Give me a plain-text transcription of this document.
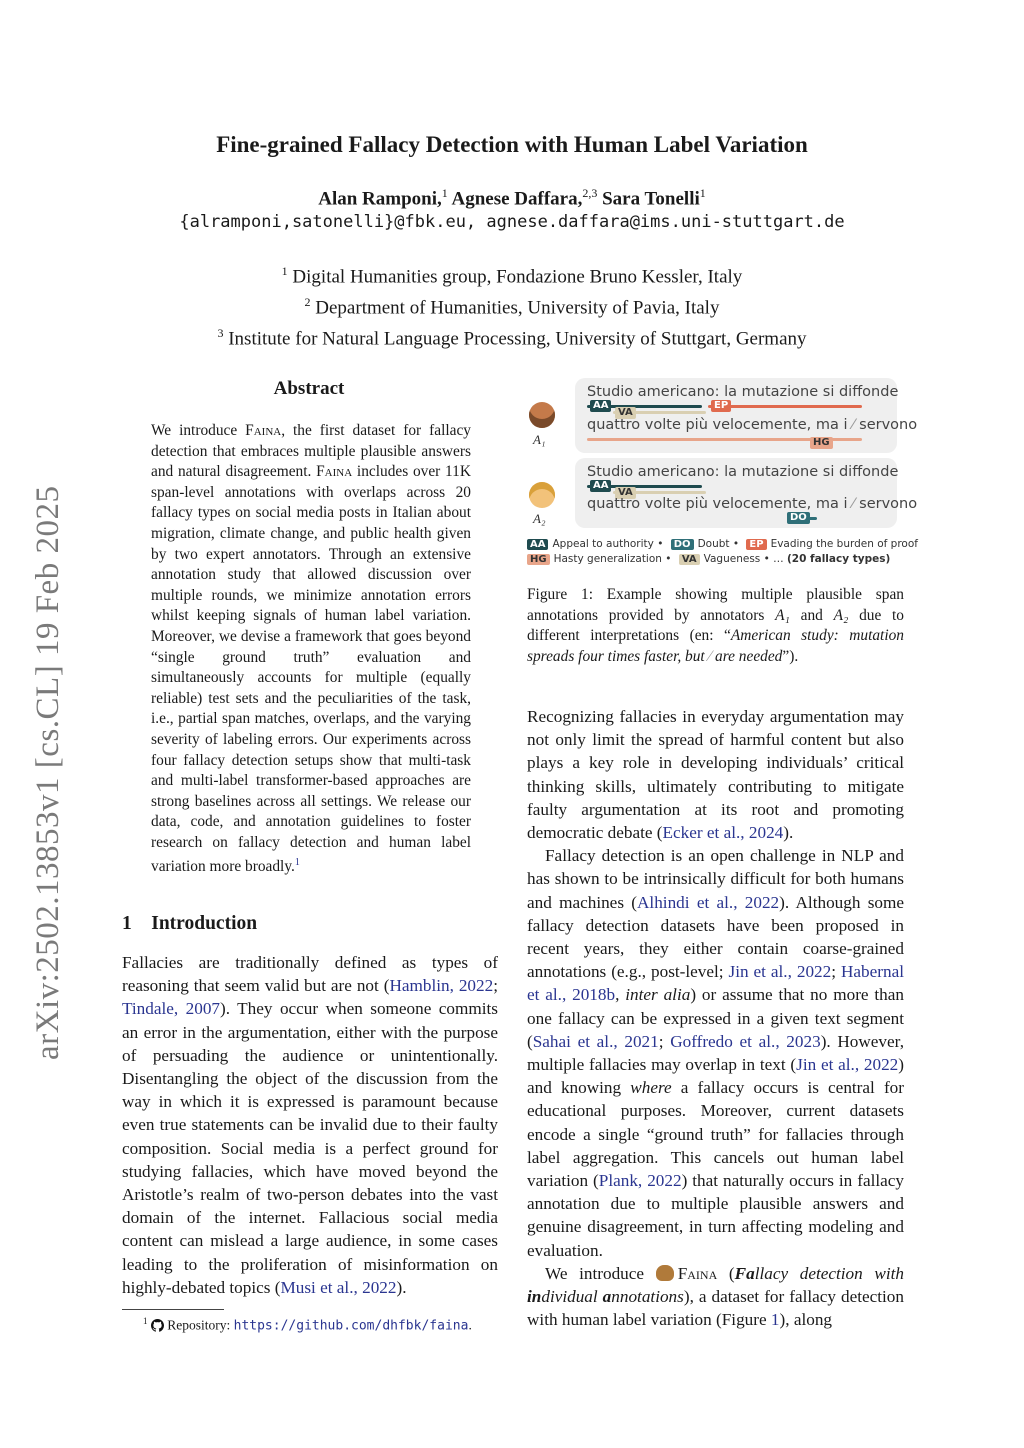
Fine-grained Fallacy Detection with Human Label Variation
Alan Ramponi,$^1$ Agnese Daffara,$^{2,3}$ Sara Tonelli$^1$
{alramponi,satonelli}@fbk.eu, agnese.daffara@ims.uni-stuttgart.de
$^1$ Digital Humanities group, Fondazione Bruno Kessler, Italy
$^2$ Department of Humanities, University of Pavia, Italy
$^3$ Institute for Natural Language Processing, University of Stuttgart, Germany
arXiv:2502.13853v1 [cs.CL] 19 Feb 2025
Abstract
We introduce Faina, the first dataset for fallacy detection that embraces multiple plausible answers and natural disagreement. Faina includes over 11K span-level annotations with overlaps across 20 fallacy types on social media posts in Italian about migration, climate change, and public health given by two expert annotators. Through an extensive annotation study that allowed discussion over multiple rounds, we minimize annotation errors whilst keeping signals of human label variation. Moreover, we devise a framework that goes beyond “single ground truth” evaluation and simultaneously accounts for multiple (equally reliable) test sets and the peculiarities of the task, i.e., partial span matches, overlaps, and the varying severity of labeling errors. Our experiments across four fallacy detection setups show that multi-task and multi-label transformer-based approaches are strong baselines across all settings. We release our data, code, and annotation guidelines to foster research on fallacy detection and human label variation more broadly.$^1$
1 Introduction

Fallacies are traditionally defined as types of reasoning that seem valid but are not (Hamblin, 2022; Tindale, 2007). They occur when someone commits an error in the argumentation, either with the purpose of persuading the audience or unintentionally. Disentangling the object of the discussion from the way in which it is expressed is paramount because even true statements can be invalid due to their faulty composition. Social media is a perfect ground for studying fallacies, which have moved beyond the Aristotle’s realm of two-person debates into the vast domain of the internet. Fallacious social media content can mislead a large audience, in some cases leading to the proliferation of misinformation on highly-debated topics (Musi et al., 2022).

$^1$ Repository: https://github.com/dhfbk/faina.
A₁
Studio americano: la mutazione si diffonde
AA	EP
VA
quattro volte più velocemente, ma i ⁄ servono
HG
A₂
Studio americano: la mutazione si diffonde
AA
VA
quattro volte più velocemente, ma i ⁄ servono
DO
AA Appeal to authority • DO Doubt • EP Evading the burden of proof
HG Hasty generalization • VA Vagueness • … (20 fallacy types)
Figure 1: Example showing multiple plausible span annotations provided by annotators A₁ and A₂ due to different interpretations (en: “American study: mutation spreads four times faster, but ⁄ are needed”).

Recognizing fallacies in everyday argumentation may not only limit the spread of harmful content but also plays a key role in developing individuals’ critical thinking skills, ultimately contributing to mitigate faulty argumentation at its root and promoting democratic debate (Ecker et al., 2024).

Fallacy detection is an open challenge in NLP and has shown to be intrinsically difficult for both humans and machines (Alhindi et al., 2022). Although some fallacy detection datasets have been proposed in recent years, they either contain coarse-grained annotations (e.g., post-level; Jin et al., 2022; Habernal et al., 2018b, inter alia) or assume that no more than one fallacy can be expressed in a given text segment (Sahai et al., 2021; Goffredo et al., 2023). However, multiple fallacies may overlap in text (Jin et al., 2022) and knowing where a fallacy occurs is central for educational purposes. Moreover, current datasets encode a single “ground truth” for fallacies through label aggregation. This cancels out human label variation (Plank, 2022) that naturally occurs in fallacy annotation due to multiple plausible answers and genuine disagreement, in turn affecting modeling and evaluation.

We introduce Faina (Fallacy detection with individual annotations), a dataset for fallacy detection with human label variation (Figure 1), along
